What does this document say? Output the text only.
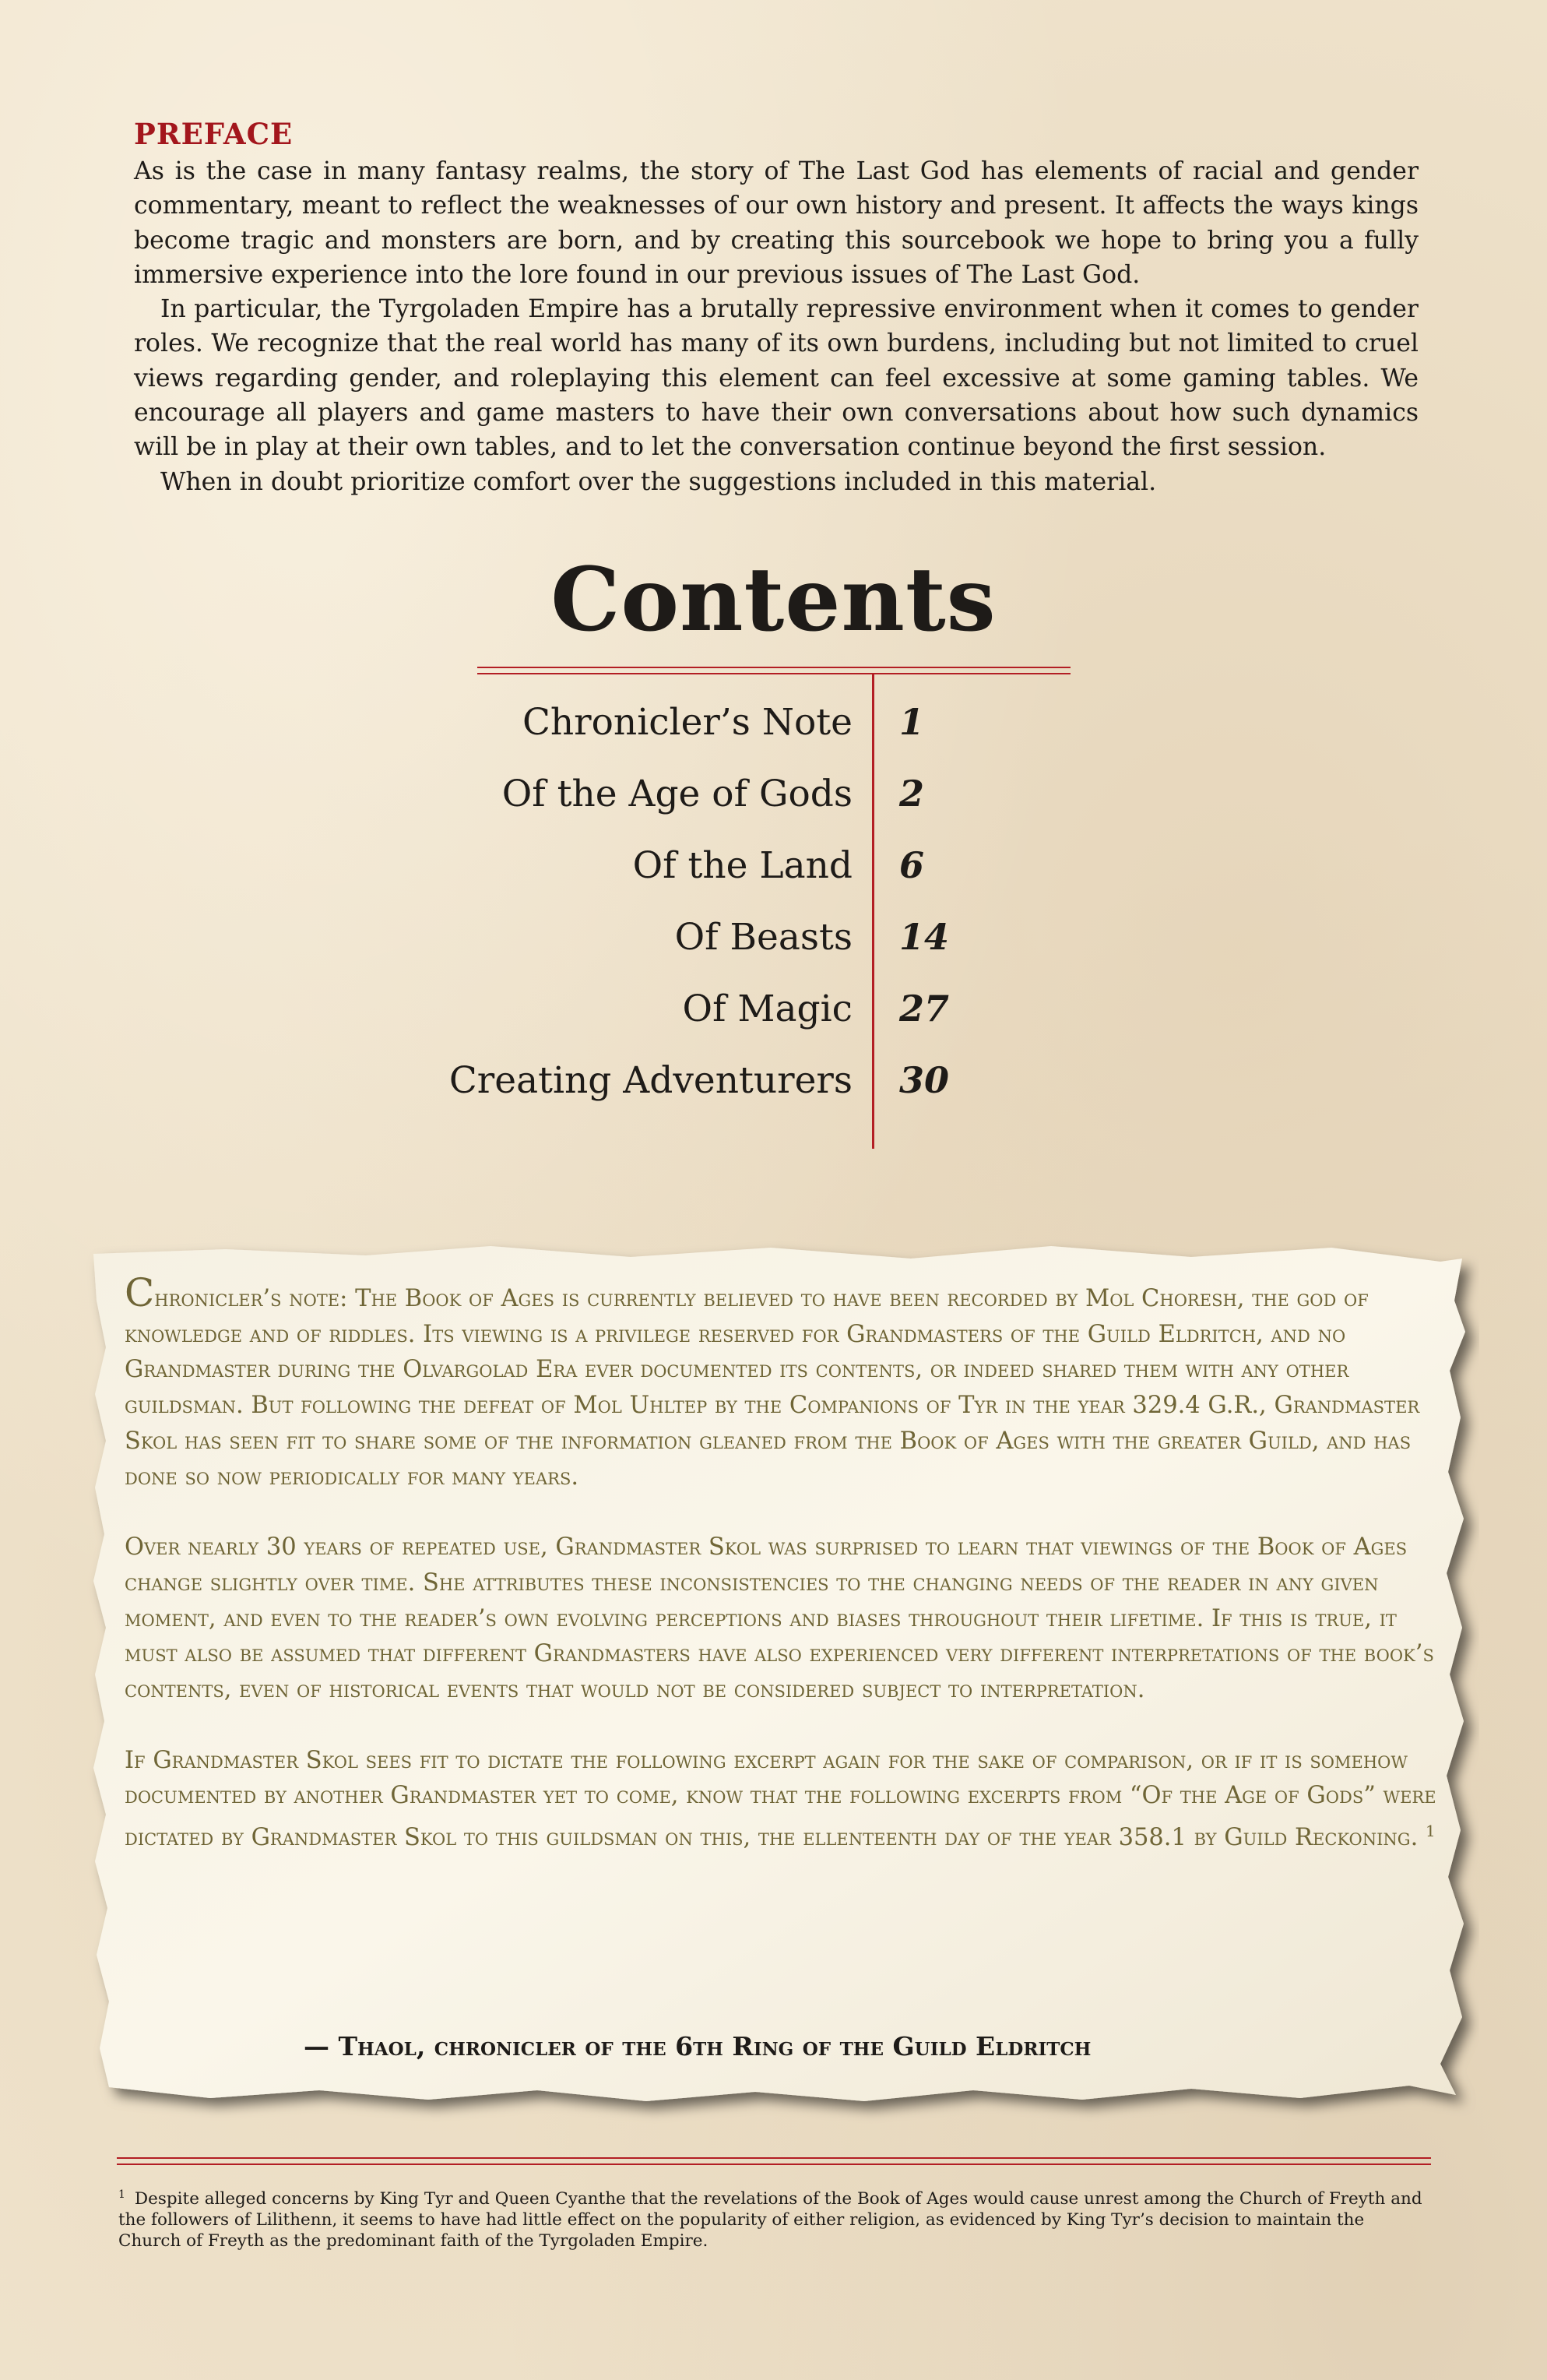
PREFACE

As is the case in many fantasy realms, the story of The Last God has elements of racial and gender commentary, meant to reflect the weaknesses of our own history and present. It affects the ways kings become tragic and monsters are born, and by creating this sourcebook we hope to bring you a fully immersive experience into the lore found in our previous issues of The Last God.

In particular, the Tyrgoladen Empire has a brutally repressive environment when it comes to gender roles. We recognize that the real world has many of its own burdens, including but not limited to cruel views regarding gender, and roleplaying this element can feel excessive at some gaming tables. We encourage all players and game masters to have their own conversations about how such dynamics will be in play at their own tables, and to let the conversation continue beyond the first session.

When in doubt prioritize comfort over the suggestions included in this material.

Contents
Chronicler’s Note 1
Of the Age of Gods 2
Of the Land 6
Of Beasts 14
Of Magic 27
Creating Adventurers 30

Chronicler’s note: The Book of Ages is currently believed to have been recorded by Mol Choresh, the god of knowledge and of riddles. Its viewing is a privilege reserved for Grandmasters of the Guild Eldritch, and no Grandmaster during the Olvargolad Era ever documented its contents, or indeed shared them with any other guildsman. But following the defeat of Mol Uhltep by the Companions of Tyr in the year 329.4 G.R., Grandmaster Skol has seen fit to share some of the information gleaned from the Book of Ages with the greater Guild, and has done so now periodically for many years.

Over nearly 30 years of repeated use, Grandmaster Skol was surprised to learn that viewings of the Book of Ages change slightly over time. She attributes these inconsistencies to the changing needs of the reader in any given moment, and even to the reader’s own evolving perceptions and biases throughout their lifetime. If this is true, it must also be assumed that different Grandmasters have also experienced very different interpretations of the book’s contents, even of historical events that would not be considered subject to interpretation.

If Grandmaster Skol sees fit to dictate the following excerpt again for the sake of comparison, or if it is somehow documented by another Grandmaster yet to come, know that the following excerpts from “Of the Age of Gods” were dictated by Grandmaster Skol to this guildsman on this, the ellenteenth day of the year 358.1 by Guild Reckoning. $^1$

— Thaol, chronicler of the 6th Ring of the Guild Eldritch
$^1$ Despite alleged concerns by King Tyr and Queen Cyanthe that the revelations of the Book of Ages would cause unrest among the Church of Freyth and the followers of Lilithenn, it seems to have had little effect on the popularity of either religion, as evidenced by King Tyr’s decision to maintain the Church of Freyth as the predominant faith of the Tyrgoladen Empire.
